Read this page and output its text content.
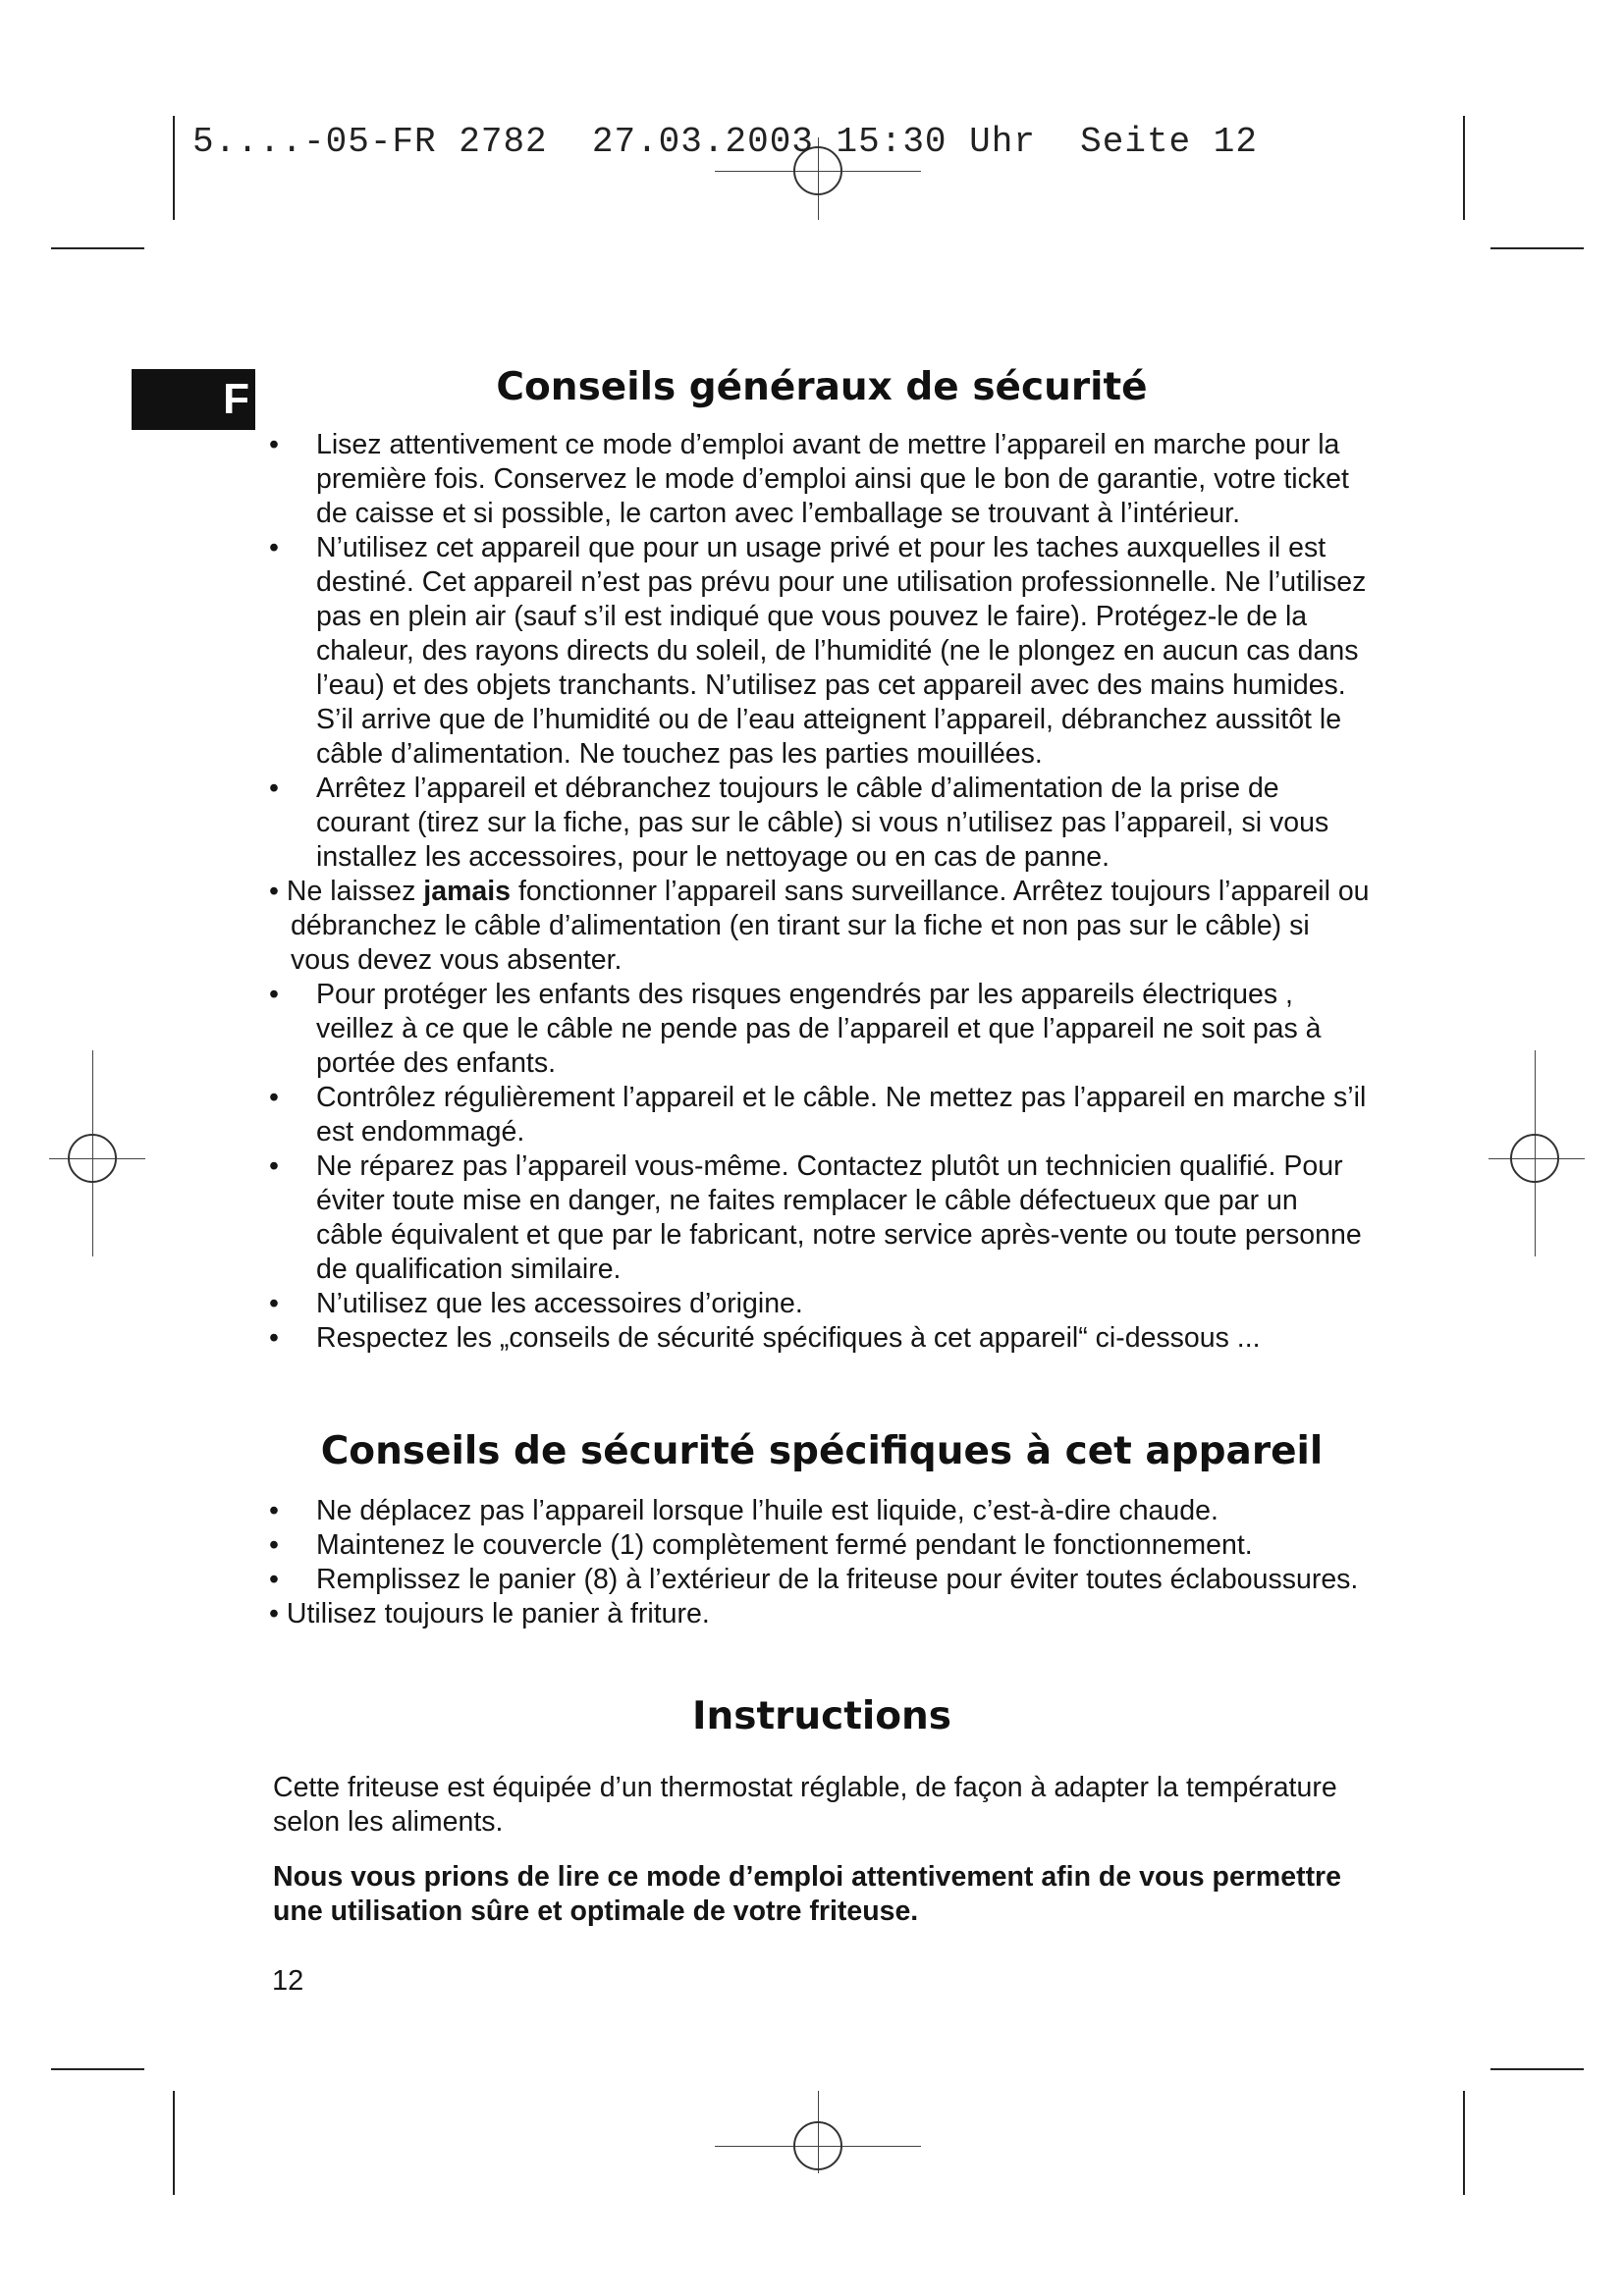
5....-05-FR 2782  27.03.2003 15:30 Uhr  Seite 12
F	Conseils généraux de sécurité
• Lisez attentivement ce mode d’emploi avant de mettre l’appareil en marche pour la première fois. Conservez le mode d’emploi ainsi que le bon de garantie, votre ticket de caisse et si possible, le carton avec l’emballage se trouvant à l’intérieur.
• N’utilisez cet appareil que pour un usage privé et pour les taches auxquelles il est destiné. Cet appareil n’est pas prévu pour une utilisation professionnelle. Ne l’utilisez pas en plein air (sauf s’il est indiqué que vous pouvez le faire). Protégez-le de la chaleur, des rayons directs du soleil, de l’humidité (ne le plongez en aucun cas dans l’eau) et des objets tranchants. N’utilisez pas cet appareil avec des mains humides. S’il arrive que de l’humidité ou de l’eau atteignent l’appareil, débranchez aussitôt le câble d’alimentation. Ne touchez pas les parties mouillées.
• Arrêtez l’appareil et débranchez toujours le câble d’alimentation de la prise de courant (tirez sur la fiche, pas sur le câble) si vous n’utilisez pas l’appareil, si vous installez les accessoires, pour le nettoyage ou en cas de panne.
• Ne laissez jamais fonctionner l’appareil sans surveillance. Arrêtez toujours l’appareil ou débranchez le câble d’alimentation (en tirant sur la fiche et non pas sur le câble) si vous devez vous absenter.
• Pour protéger les enfants des risques engendrés par les appareils électriques , veillez à ce que le câble ne pende pas de l’appareil et que l’appareil ne soit pas à portée des enfants.
• Contrôlez régulièrement l’appareil et le câble. Ne mettez pas l’appareil en marche s’il est endommagé.
• Ne réparez pas l’appareil vous-même. Contactez plutôt un technicien qualifié. Pour éviter toute mise en danger, ne faites remplacer le câble défectueux que par un câble équivalent et que par le fabricant, notre service après-vente ou toute personne de qualification similaire.
• N’utilisez que les accessoires d’origine.
• Respectez les „conseils de sécurité spécifiques à cet appareil“ ci-dessous ...
Conseils de sécurité spécifiques à cet appareil
• Ne déplacez pas l’appareil lorsque l’huile est liquide, c’est-à-dire chaude.
• Maintenez le couvercle (1) complètement fermé pendant le fonctionnement.
• Remplissez le panier (8) à l’extérieur de la friteuse pour éviter toutes éclaboussures.
• Utilisez toujours le panier à friture.
Instructions

Cette friteuse est équipée d’un thermostat réglable, de façon à adapter la température selon les aliments.

Nous vous prions de lire ce mode d’emploi attentivement afin de vous permettre une utilisation sûre et optimale de votre friteuse.

12
